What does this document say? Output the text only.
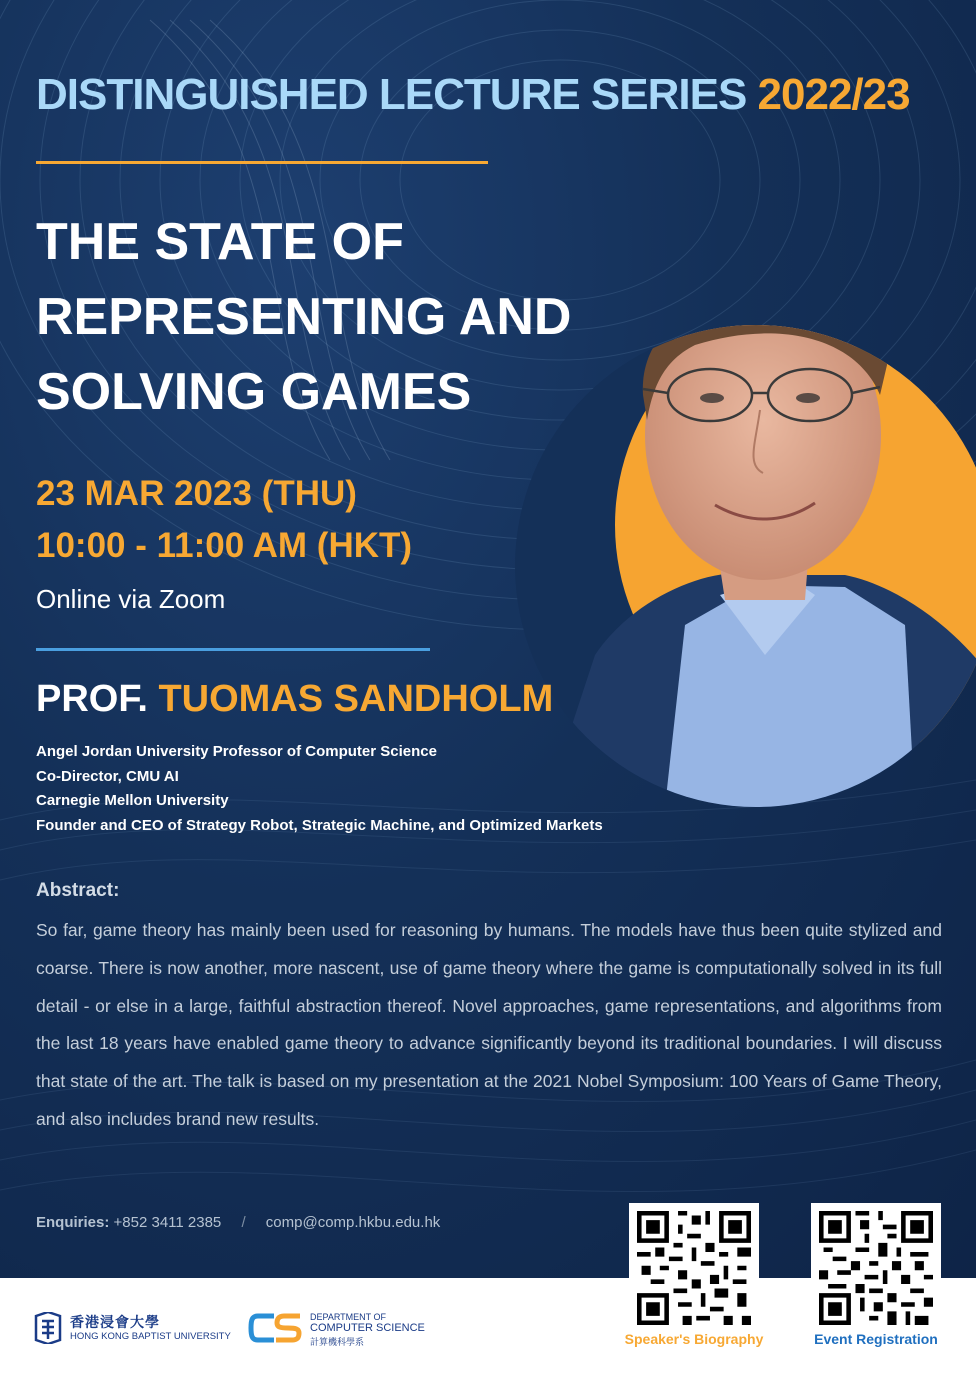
DISTINGUISHED LECTURE SERIES 2022/23
THE STATE OF
REPRESENTING AND
SOLVING GAMES
23 MAR 2023 (THU)
10:00 - 11:00 AM (HKT)
Online via Zoom
PROF. TUOMAS SANDHOLM
Angel Jordan University Professor of Computer Science
Co-Director, CMU AI
Carnegie Mellon University
Founder and CEO of Strategy Robot, Strategic Machine, and Optimized Markets
Abstract:
So far, game theory has mainly been used for reasoning by humans. The models have thus been quite stylized and coarse. There is now another, more nascent, use of game theory where the game is computationally solved in its full detail - or else in a large, faithful abstraction thereof. Novel approaches, game representations, and algorithms from the last 18 years have enabled game theory to advance significantly beyond its traditional boundaries. I will discuss that state of the art. The talk is based on my presentation at the 2021 Nobel Symposium: 100 Years of Game Theory, and also includes brand new results.
Enquiries: +852 3411 2385 / comp@comp.hkbu.edu.hk
香港浸會大學
HONG KONG BAPTIST UNIVERSITY
DEPARTMENT OF
COMPUTER SCIENCE
計算機科學系	Speaker's Biography	Event Registration
